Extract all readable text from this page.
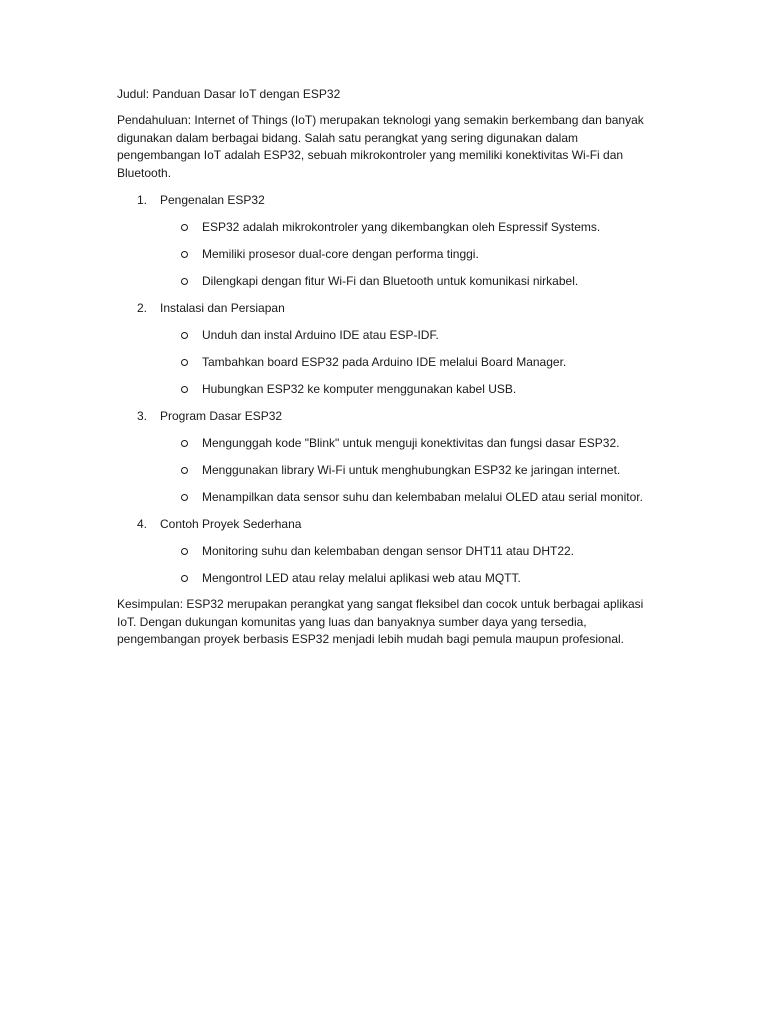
Judul: Panduan Dasar IoT dengan ESP32

Pendahuluan: Internet of Things (IoT) merupakan teknologi yang semakin berkembang dan banyak digunakan dalam berbagai bidang. Salah satu perangkat yang sering digunakan dalam pengembangan IoT adalah ESP32, sebuah mikrokontroler yang memiliki konektivitas Wi-Fi dan Bluetooth.

1. Pengenalan ESP32
ESP32 adalah mikrokontroler yang dikembangkan oleh Espressif Systems.
Memiliki prosesor dual-core dengan performa tinggi.
Dilengkapi dengan fitur Wi-Fi dan Bluetooth untuk komunikasi nirkabel.
2. Instalasi dan Persiapan
Unduh dan instal Arduino IDE atau ESP-IDF.
Tambahkan board ESP32 pada Arduino IDE melalui Board Manager.
Hubungkan ESP32 ke komputer menggunakan kabel USB.
3. Program Dasar ESP32
Mengunggah kode "Blink" untuk menguji konektivitas dan fungsi dasar ESP32.
Menggunakan library Wi-Fi untuk menghubungkan ESP32 ke jaringan internet.
Menampilkan data sensor suhu dan kelembaban melalui OLED atau serial monitor.
4. Contoh Proyek Sederhana
Monitoring suhu dan kelembaban dengan sensor DHT11 atau DHT22.
Mengontrol LED atau relay melalui aplikasi web atau MQTT.

Kesimpulan: ESP32 merupakan perangkat yang sangat fleksibel dan cocok untuk berbagai aplikasi IoT. Dengan dukungan komunitas yang luas dan banyaknya sumber daya yang tersedia, pengembangan proyek berbasis ESP32 menjadi lebih mudah bagi pemula maupun profesional.
